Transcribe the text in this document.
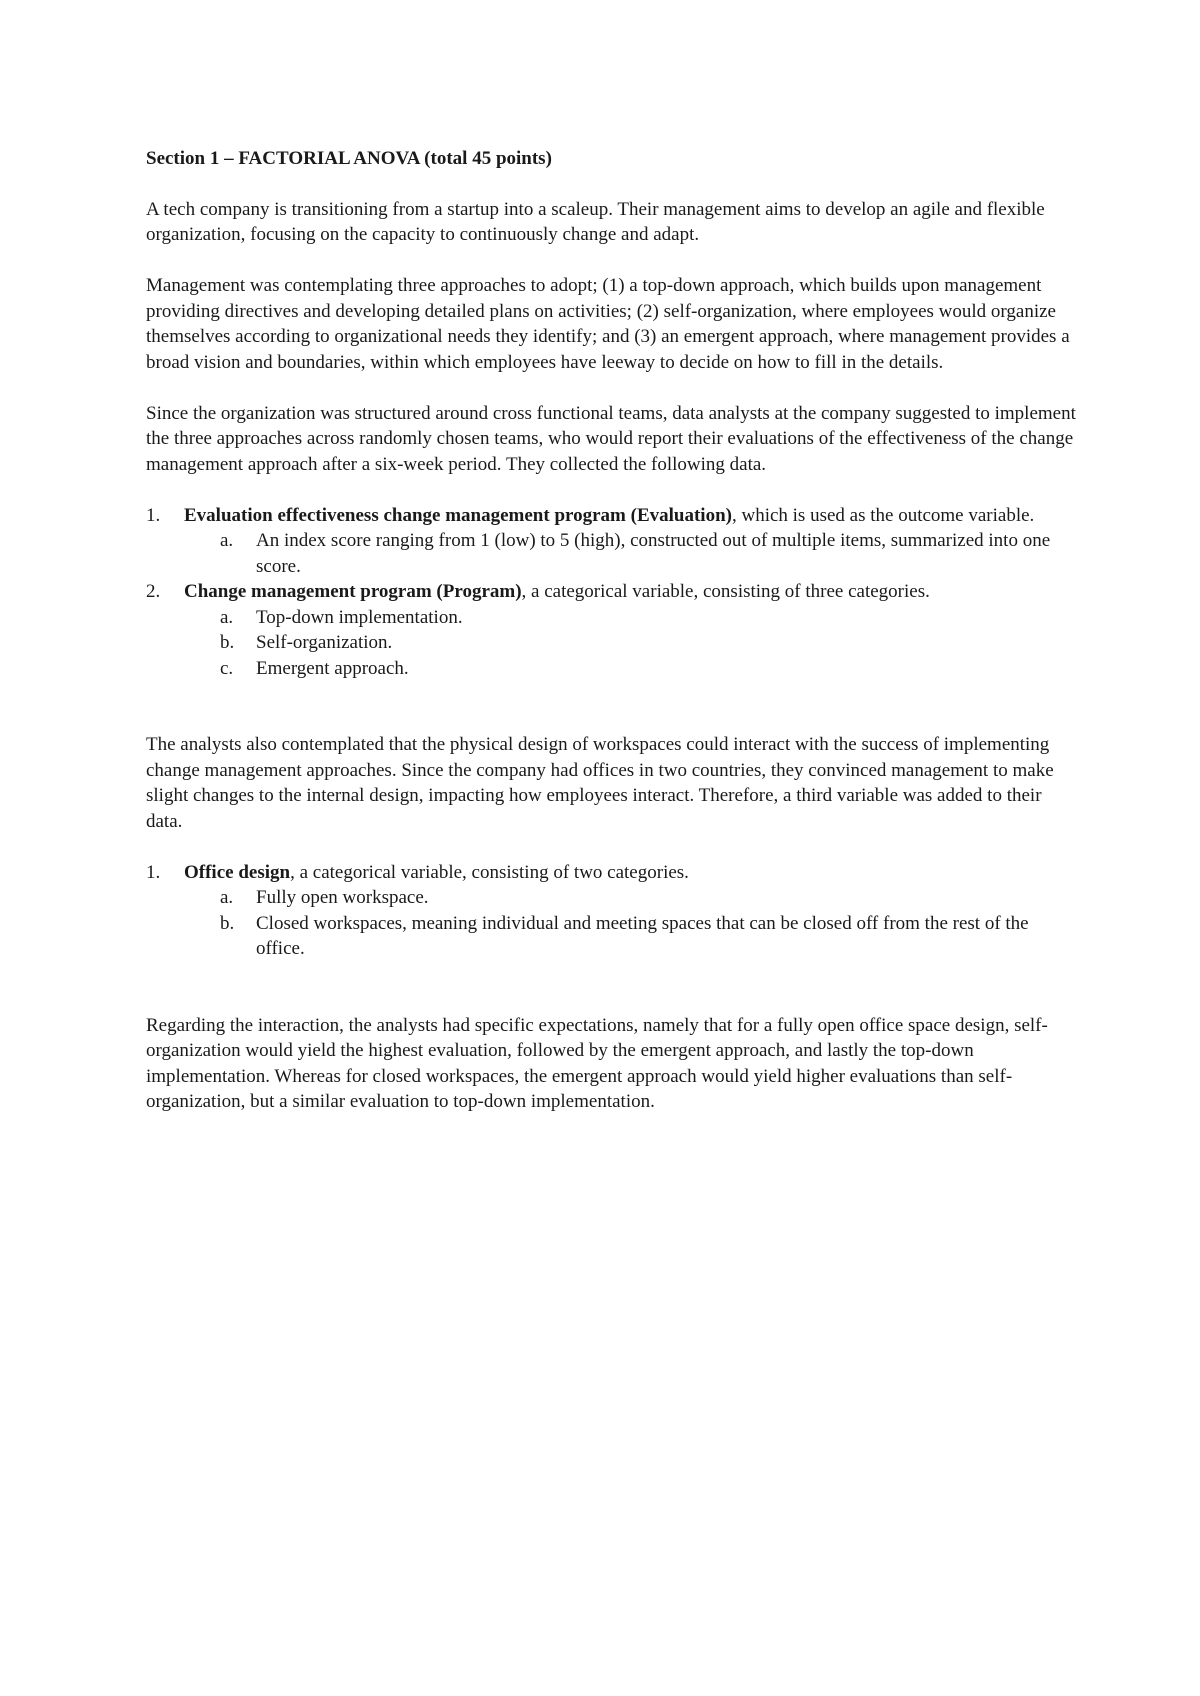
Section 1 – FACTORIAL ANOVA (total 45 points)

A tech company is transitioning from a startup into a scaleup. Their management aims to develop an agile and flexible organization, focusing on the capacity to continuously change and adapt.

Management was contemplating three approaches to adopt; (1) a top-down approach, which builds upon management providing directives and developing detailed plans on activities; (2) self-organization, where employees would organize themselves according to organizational needs they identify; and (3) an emergent approach, where management provides a broad vision and boundaries, within which employees have leeway to decide on how to fill in the details.

Since the organization was structured around cross functional teams, data analysts at the company suggested to implement the three approaches across randomly chosen teams, who would report their evaluations of the effectiveness of the change management approach after a six-week period. They collected the following data.

1. Evaluation effectiveness change management program (Evaluation), which is used as the outcome variable.
a. An index score ranging from 1 (low) to 5 (high), constructed out of multiple items, summarized into one score.
2. Change management program (Program), a categorical variable, consisting of three categories.
a. Top-down implementation.
b. Self-organization.
c. Emergent approach.

The analysts also contemplated that the physical design of workspaces could interact with the success of implementing change management approaches. Since the company had offices in two countries, they convinced management to make slight changes to the internal design, impacting how employees interact. Therefore, a third variable was added to their data.

1. Office design, a categorical variable, consisting of two categories.
a. Fully open workspace.
b. Closed workspaces, meaning individual and meeting spaces that can be closed off from the rest of the office.

Regarding the interaction, the analysts had specific expectations, namely that for a fully open office space design, self-organization would yield the highest evaluation, followed by the emergent approach, and lastly the top-down implementation. Whereas for closed workspaces, the emergent approach would yield higher evaluations than self-organization, but a similar evaluation to top-down implementation.
